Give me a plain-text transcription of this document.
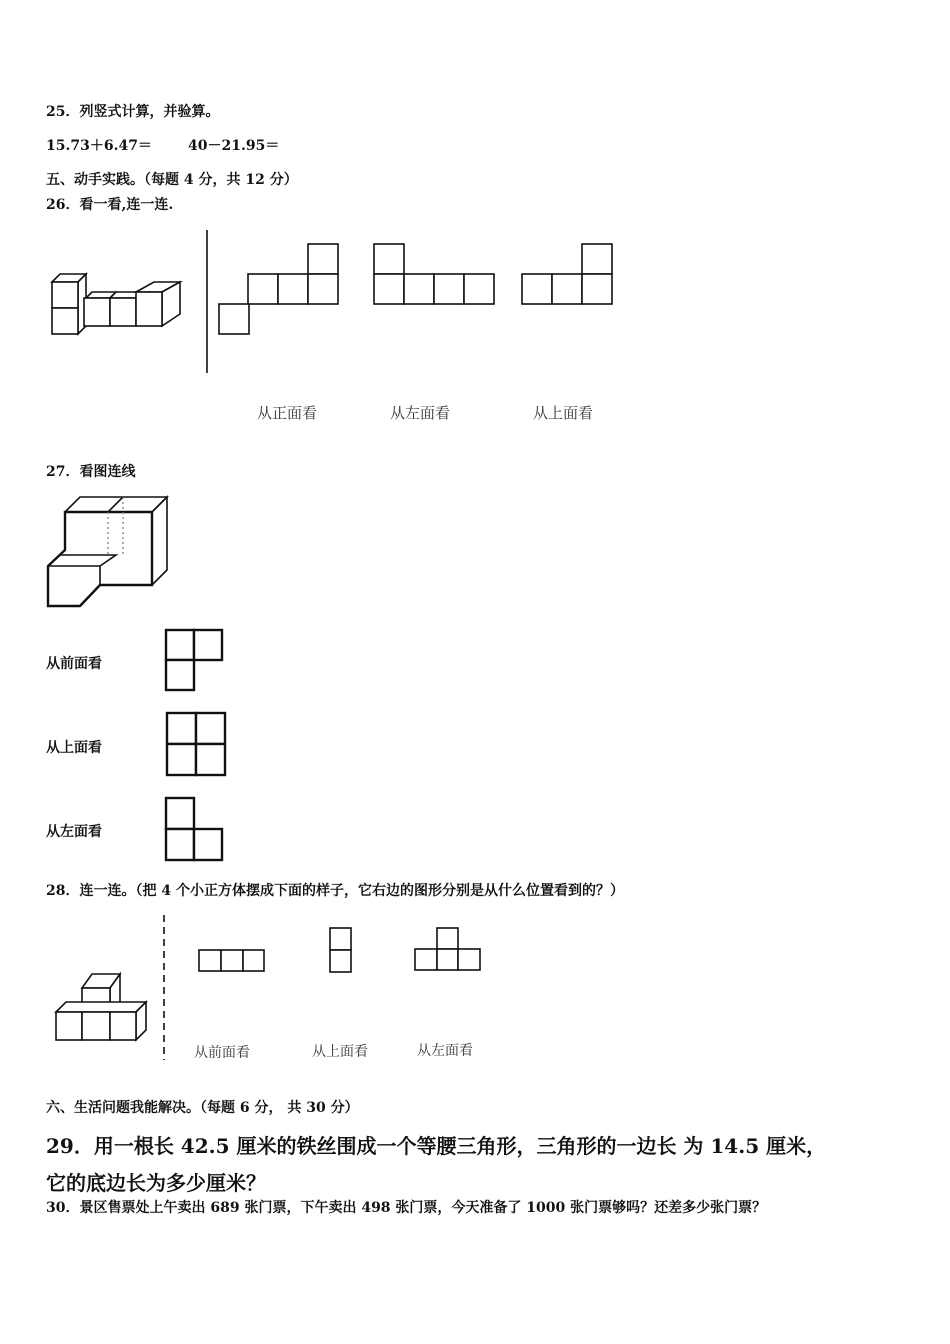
25．列竖式计算，并验算。
15.73＋6.47＝	40－21.95＝
五、动手实践。（每题 4 分，共 12 分）
26．看一看,连一连.
从正面看	从左面看	从上面看
27．看图连线
从前面看
从上面看
从左面看
28．连一连。（把 4 个小正方体摆成下面的样子，它右边的图形分别是从什么位置看到的？）
从前面看	从上面看	从左面看
六、生活问题我能解决。（每题 6 分， 共 30 分）
29．用一根长 42.5 厘米的铁丝围成一个等腰三角形，三角形的一边长 为 14.5 厘米，
它的底边长为多少厘米？
30．景区售票处上午卖出 689 张门票，下午卖出 498 张门票，今天准备了 1000 张门票够吗？还差多少张门票？
